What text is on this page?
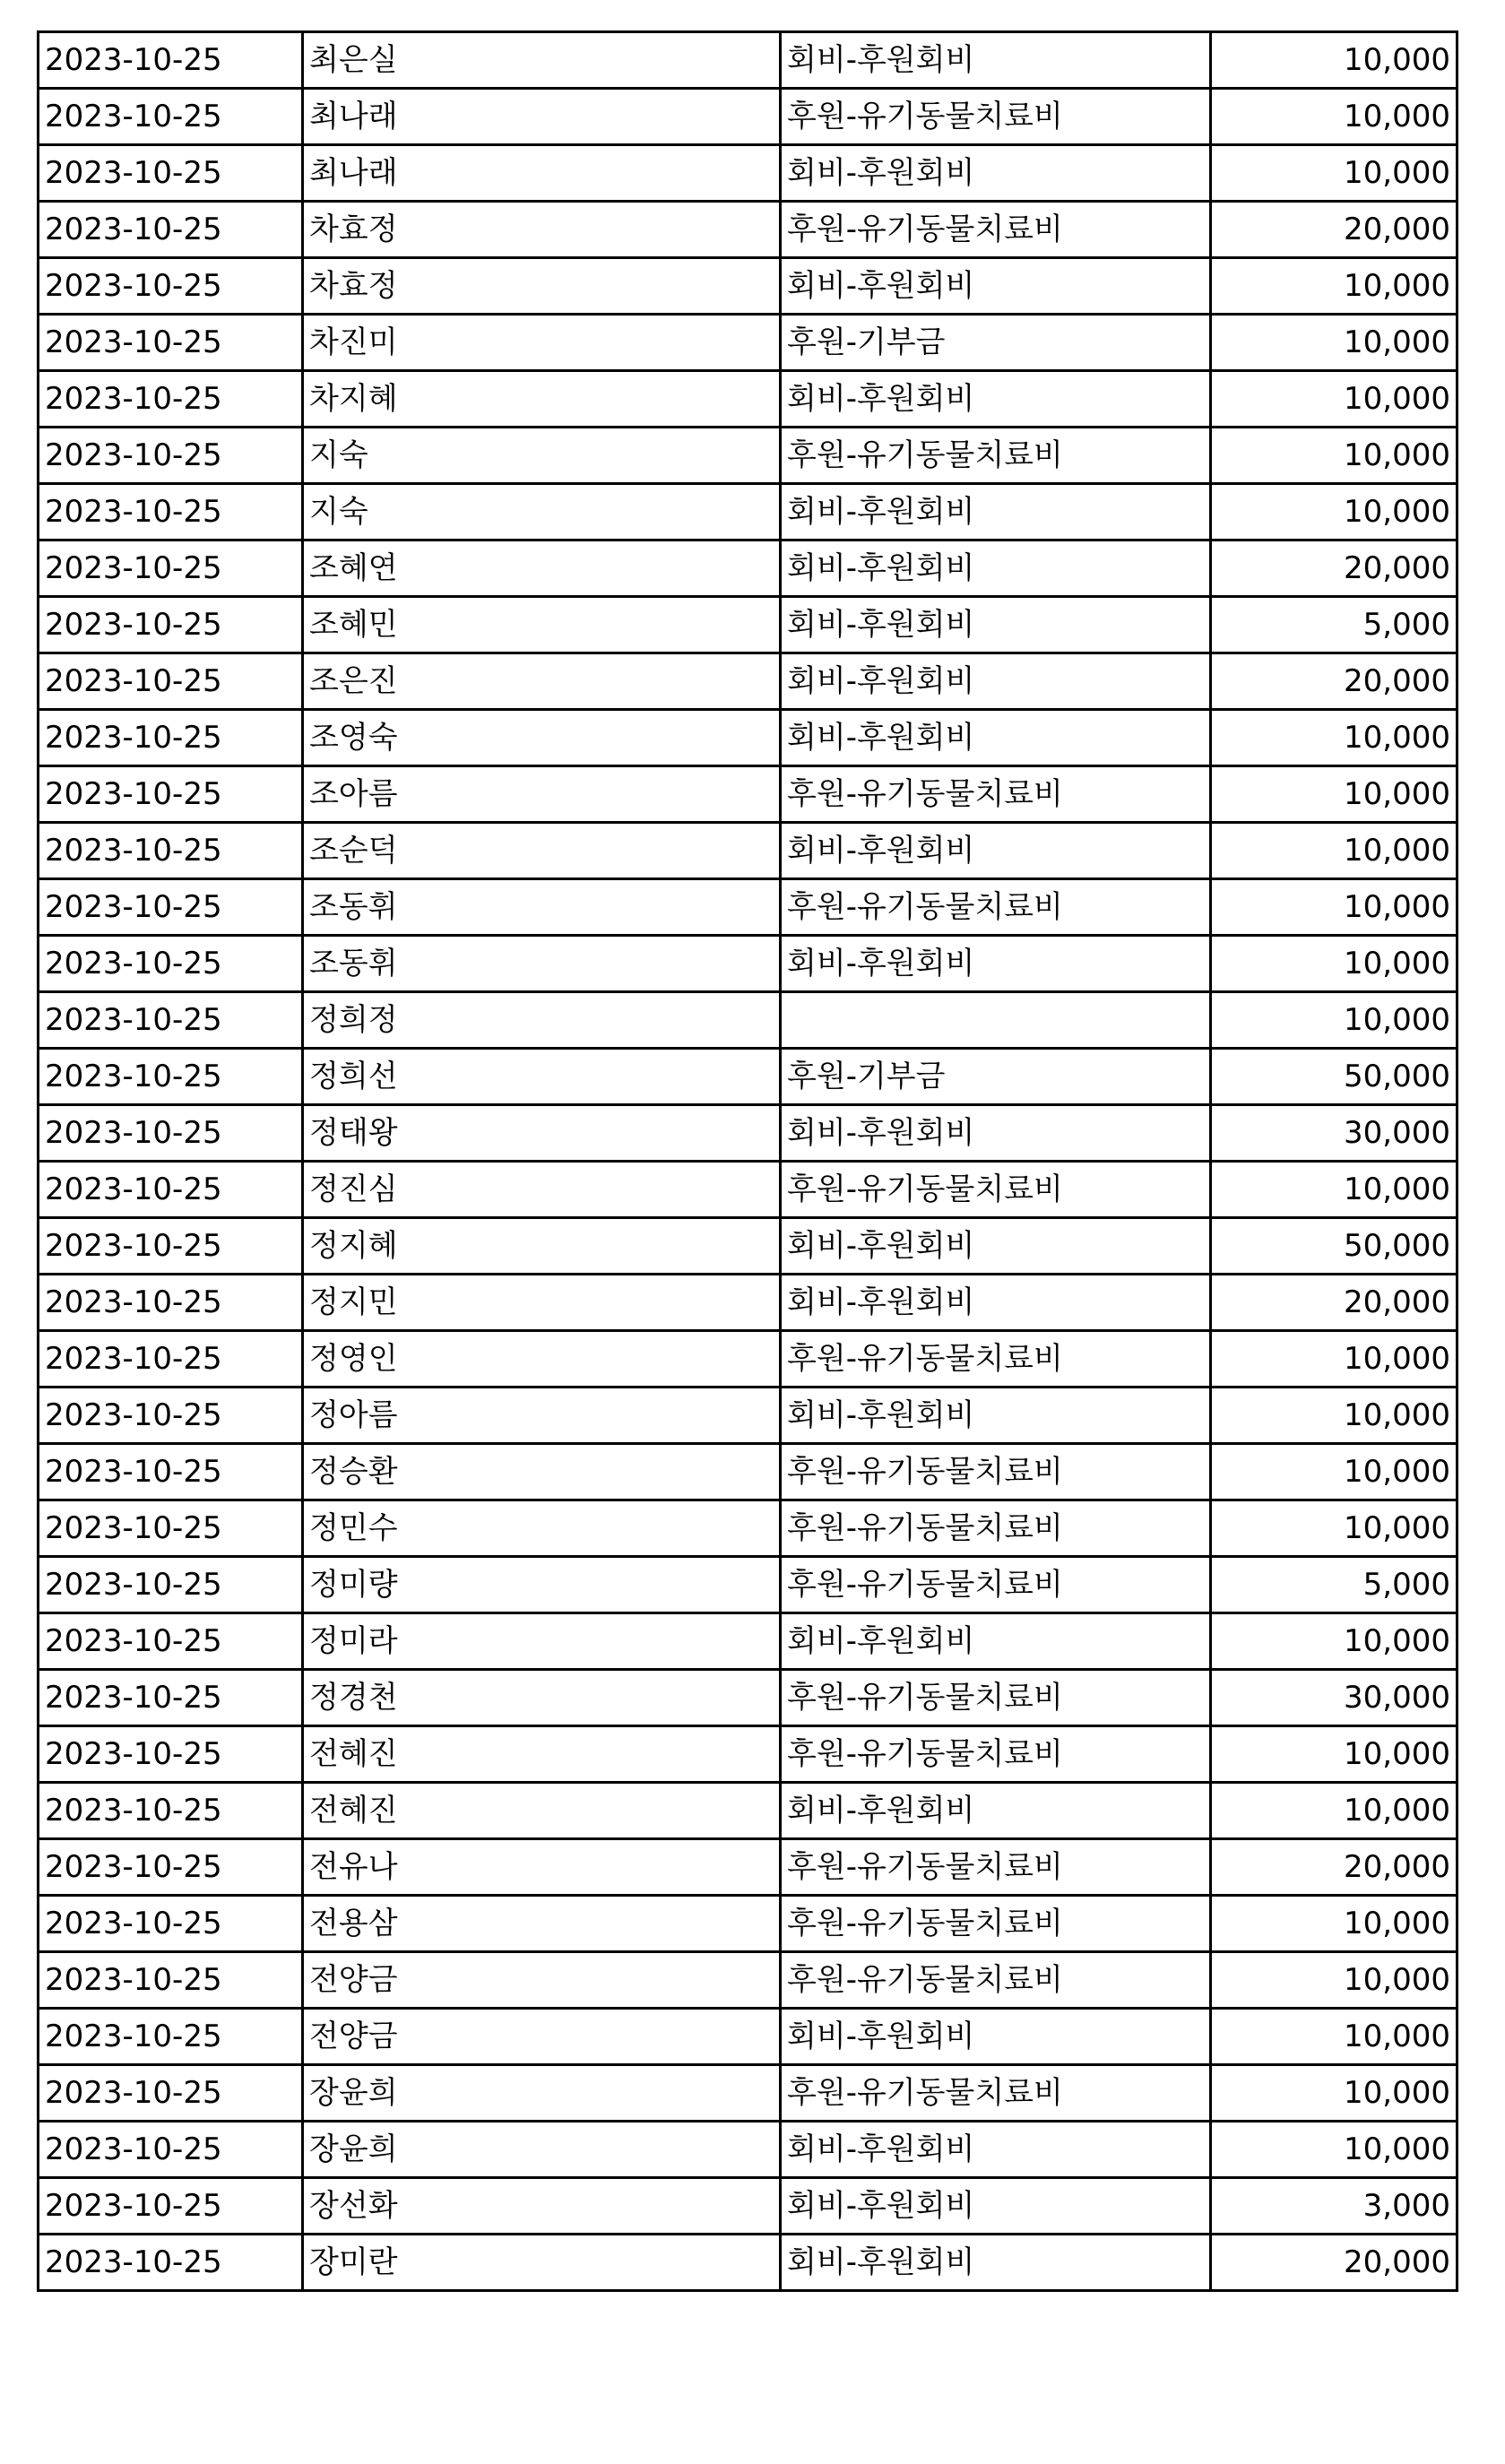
2023-10-25	최은실	회비-후원회비	10,000
2023-10-25	최나래	후원-유기동물치료비	10,000
2023-10-25	최나래	회비-후원회비	10,000
2023-10-25	차효정	후원-유기동물치료비	20,000
2023-10-25	차효정	회비-후원회비	10,000
2023-10-25	차진미	후원-기부금	10,000
2023-10-25	차지혜	회비-후원회비	10,000
2023-10-25	지숙	후원-유기동물치료비	10,000
2023-10-25	지숙	회비-후원회비	10,000
2023-10-25	조혜연	회비-후원회비	20,000
2023-10-25	조혜민	회비-후원회비	5,000
2023-10-25	조은진	회비-후원회비	20,000
2023-10-25	조영숙	회비-후원회비	10,000
2023-10-25	조아름	후원-유기동물치료비	10,000
2023-10-25	조순덕	회비-후원회비	10,000
2023-10-25	조동휘	후원-유기동물치료비	10,000
2023-10-25	조동휘	회비-후원회비	10,000
2023-10-25	정희정		10,000
2023-10-25	정희선	후원-기부금	50,000
2023-10-25	정태왕	회비-후원회비	30,000
2023-10-25	정진심	후원-유기동물치료비	10,000
2023-10-25	정지혜	회비-후원회비	50,000
2023-10-25	정지민	회비-후원회비	20,000
2023-10-25	정영인	후원-유기동물치료비	10,000
2023-10-25	정아름	회비-후원회비	10,000
2023-10-25	정승환	후원-유기동물치료비	10,000
2023-10-25	정민수	후원-유기동물치료비	10,000
2023-10-25	정미량	후원-유기동물치료비	5,000
2023-10-25	정미라	회비-후원회비	10,000
2023-10-25	정경천	후원-유기동물치료비	30,000
2023-10-25	전혜진	후원-유기동물치료비	10,000
2023-10-25	전혜진	회비-후원회비	10,000
2023-10-25	전유나	후원-유기동물치료비	20,000
2023-10-25	전용삼	후원-유기동물치료비	10,000
2023-10-25	전양금	후원-유기동물치료비	10,000
2023-10-25	전양금	회비-후원회비	10,000
2023-10-25	장윤희	후원-유기동물치료비	10,000
2023-10-25	장윤희	회비-후원회비	10,000
2023-10-25	장선화	회비-후원회비	3,000
2023-10-25	장미란	회비-후원회비	20,000
